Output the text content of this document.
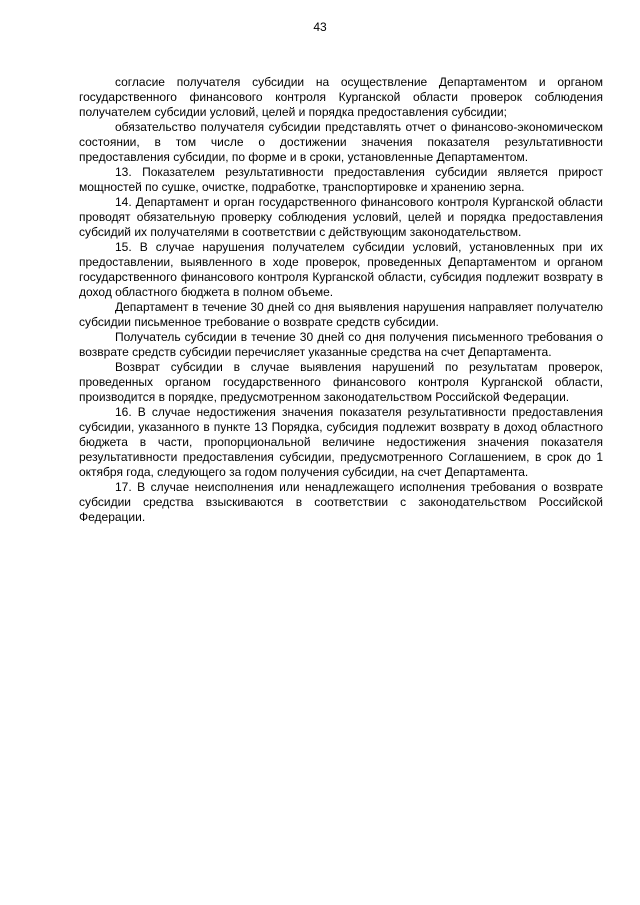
43

согласие получателя субсидии на осуществление Департаментом и органом государственного финансового контроля Курганской области проверок соблюдения получателем субсидии условий, целей и порядка предоставления субсидии;

обязательство получателя субсидии представлять отчет о финансово-экономическом состоянии, в том числе о достижении значения показателя результативности предоставления субсидии, по форме и в сроки, установленные Департаментом.

13. Показателем результативности предоставления субсидии является прирост мощностей по сушке, очистке, подработке, транспортировке и хранению зерна.

14. Департамент и орган государственного финансового контроля Курганской области проводят обязательную проверку соблюдения условий, целей и порядка предоставления субсидий их получателями в соответствии с действующим законодательством.

15. В случае нарушения получателем субсидии условий, установленных при их предоставлении, выявленного в ходе проверок, проведенных Департаментом и органом государственного финансового контроля Курганской области, субсидия подлежит возврату в доход областного бюджета в полном объеме.

Департамент в течение 30 дней со дня выявления нарушения направляет получателю субсидии письменное требование о возврате средств субсидии.

Получатель субсидии в течение 30 дней со дня получения письменного требования о возврате средств субсидии перечисляет указанные средства на счет Департамента.

Возврат субсидии в случае выявления нарушений по результатам проверок, проведенных органом государственного финансового контроля Курганской области, производится в порядке, предусмотренном законодательством Российской Федерации.

16. В случае недостижения значения показателя результативности предоставления субсидии, указанного в пункте 13 Порядка, субсидия подлежит возврату в доход областного бюджета в части, пропорциональной величине недостижения значения показателя результативности предоставления субсидии, предусмотренного Соглашением, в срок до 1 октября года, следующего за годом получения субсидии, на счет Департамента.

17. В случае неисполнения или ненадлежащего исполнения требования о возврате субсидии средства взыскиваются в соответствии с законодательством Российской Федерации.
